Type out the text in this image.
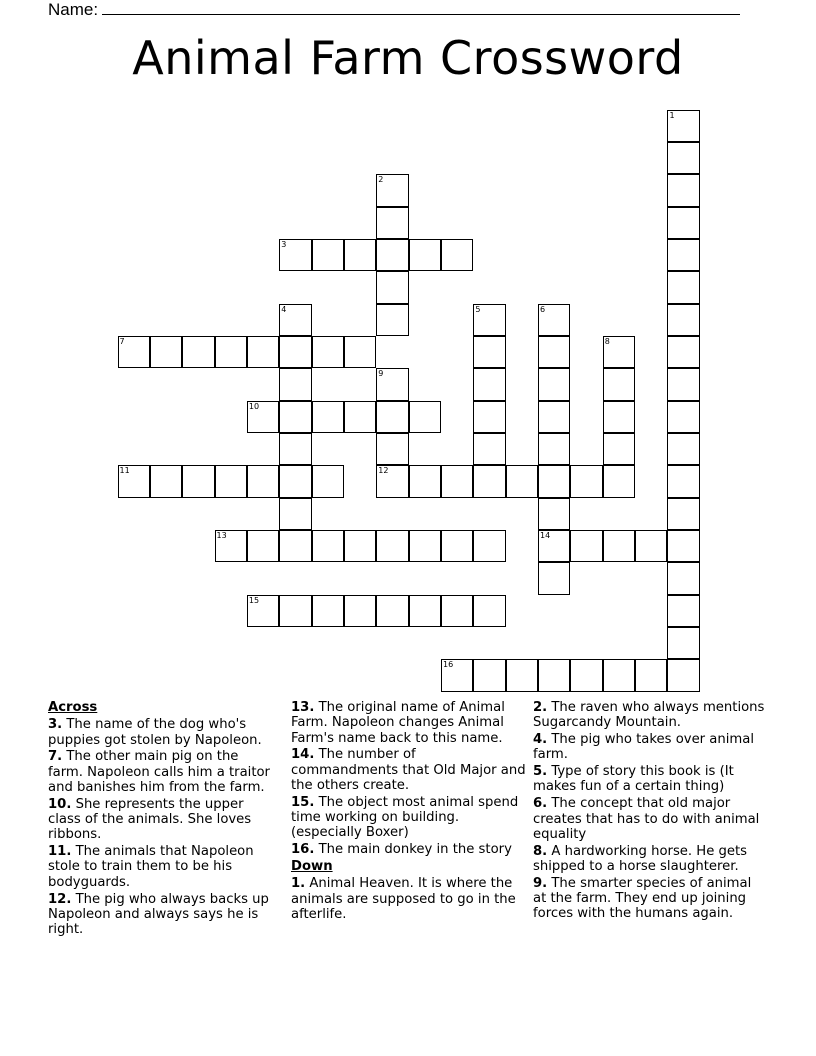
Name:
Animal Farm Crossword
1
2
3
4	5	6
14
7	8
9
12
10
11
13
15
16
Across
3. The name of the dog who's puppies got stolen by Napoleon.
7. The other main pig on the farm. Napoleon calls him a traitor and banishes him from the farm.
10. She represents the upper class of the animals. She loves ribbons.
11. The animals that Napoleon stole to train them to be his bodyguards.
12. The pig who always backs up Napoleon and always says he is right.
13. The original name of Animal Farm. Napoleon changes Animal Farm's name back to this name.
14. The number of commandments that Old Major and the others create.
15. The object most animal spend time working on building.(especially Boxer)
16. The main donkey in the story
Down
1. Animal Heaven. It is where the animals are supposed to go in the afterlife.
2. The raven who always mentions Sugarcandy Mountain.
4. The pig who takes over animal farm.
5. Type of story this book is (It makes fun of a certain thing)
6. The concept that old major creates that has to do with animal equality
8. A hardworking horse. He gets shipped to a horse slaughterer.
9. The smarter species of animal at the farm. They end up joining forces with the humans again.
